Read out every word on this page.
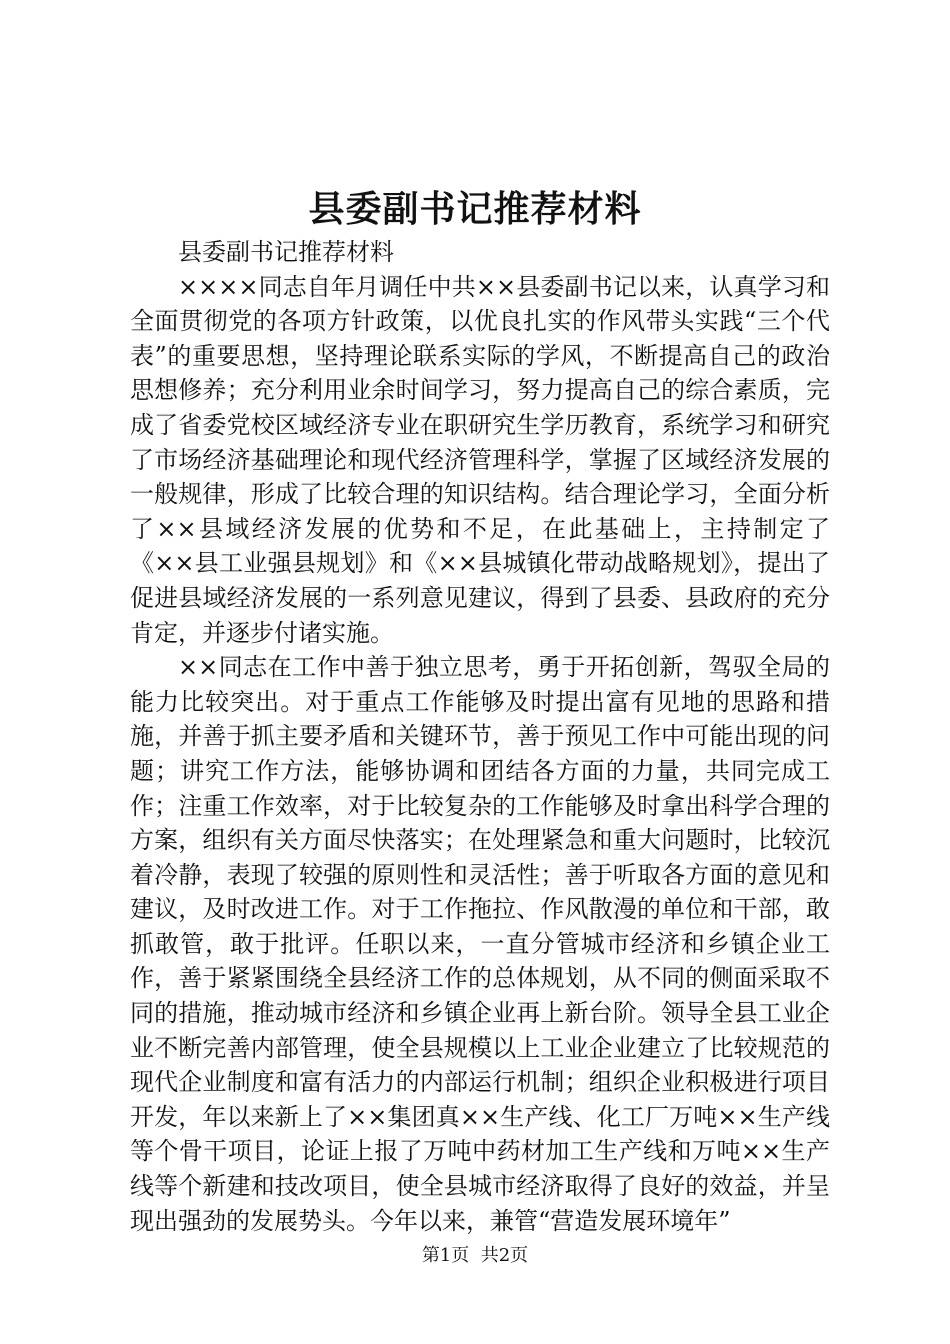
县委副书记推荐材料
县委副书记推荐材料

××××同志自年月调任中共××县委副书记以来，认真学习和全面贯彻党的各项方针政策，以优良扎实的作风带头实践“三个代表”的重要思想，坚持理论联系实际的学风，不断提高自己的政治思想修养；充分利用业余时间学习，努力提高自己的综合素质，完成了省委党校区域经济专业在职研究生学历教育，系统学习和研究了市场经济基础理论和现代经济管理科学，掌握了区域经济发展的一般规律，形成了比较合理的知识结构。结合理论学习，全面分析了××县域经济发展的优势和不足，在此基础上，主持制定了《××县工业强县规划》和《××县城镇化带动战略规划》，提出了促进县域经济发展的一系列意见建议，得到了县委、县政府的充分肯定，并逐步付诸实施。

××同志在工作中善于独立思考，勇于开拓创新，驾驭全局的能力比较突出。对于重点工作能够及时提出富有见地的思路和措施，并善于抓主要矛盾和关键环节，善于预见工作中可能出现的问题；讲究工作方法，能够协调和团结各方面的力量，共同完成工作；注重工作效率，对于比较复杂的工作能够及时拿出科学合理的方案，组织有关方面尽快落实；在处理紧急和重大问题时，比较沉着冷静，表现了较强的原则性和灵活性；善于听取各方面的意见和建议，及时改进工作。对于工作拖拉、作风散漫的单位和干部，敢抓敢管，敢于批评。任职以来，一直分管城市经济和乡镇企业工作，善于紧紧围绕全县经济工作的总体规划，从不同的侧面采取不同的措施，推动城市经济和乡镇企业再上新台阶。领导全县工业企业不断完善内部管理，使全县规模以上工业企业建立了比较规范的现代企业制度和富有活力的内部运行机制；组织企业积极进行项目开发，年以来新上了××集团真××生产线、化工厂万吨××生产线等个骨干项目，论证上报了万吨中药材加工生产线和万吨××生产线等个新建和技改项目，使全县城市经济取得了良好的效益，并呈现出强劲的发展势头。今年以来，兼管“营造发展环境年”

第1页  共2页
